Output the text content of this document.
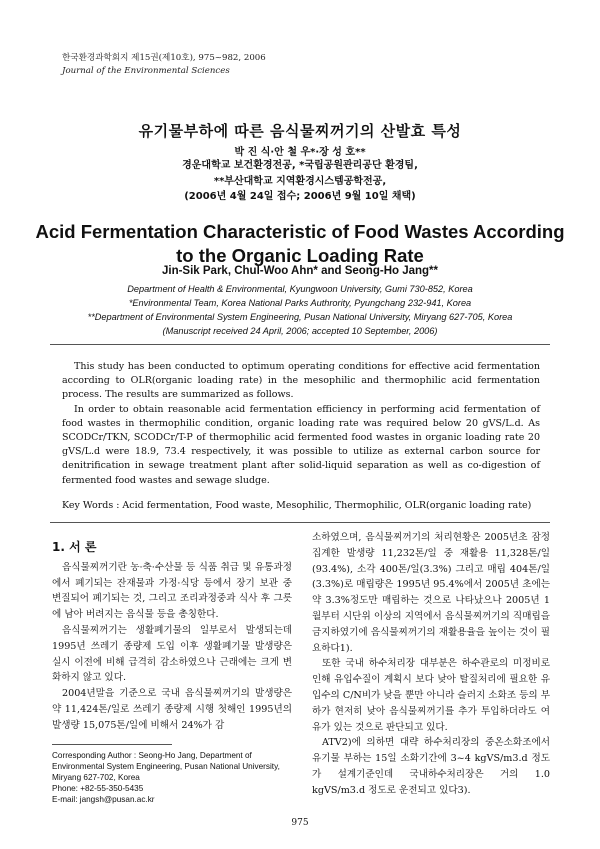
한국환경과학회지 제15권(제10호), 975~982, 2006
Journal of the Environmental Sciences
유기물부하에 따른 음식물찌꺼기의 산발효 특성
박 진 식·안 철 우*·장 성 호**
경운대학교 보건환경전공, *국립공원관리공단 환경팀,
**부산대학교 지역환경시스템공학전공,
(2006년 4월 24일 접수; 2006년 9월 10일 채택)
Acid Fermentation Characteristic of Food Wastes According
to the Organic Loading Rate
Jin-Sik Park, Chul-Woo Ahn* and Seong-Ho Jang**
Department of Health & Environmental, Kyungwoon University, Gumi 730-852, Korea
*Environmental Team, Korea National Parks Authrority, Pyungchang 232-941, Korea
**Department of Environmental System Engineering, Pusan National University, Miryang 627-705, Korea
(Manuscript received 24 April, 2006; accepted 10 September, 2006)

This study has been conducted to optimum operating conditions for effective acid fermentation according to OLR(organic loading rate) in the mesophilic and thermophilic acid fermentation process. The results are summarized as follows.

In order to obtain reasonable acid fermentation efficiency in performing acid fermentation of food wastes in thermophilic condition, organic loading rate was required below 20 gVS/L.d. As SCODCr/TKN, SCODCr/T-P of thermophilic acid fermented food wastes in organic loading rate 20 gVS/L.d were 18.9, 73.4 respectively, it was possible to utilize as external carbon source for denitrification in sewage treatment plant after solid-liquid separation as well as co-digestion of fermented food wastes and sewage sludge.

Key Words : Acid fermentation, Food waste, Mesophilic, Thermophilic, OLR(organic loading rate)
1. 서 론

음식물찌꺼기란 농·축·수산물 등 식품 취급 및 유통과정에서 폐기되는 잔재물과 가정·식당 등에서 장기 보관 중 변질되어 폐기되는 것, 그리고 조리과정중과 식사 후 그릇에 남아 버려지는 음식물 등을 총칭한다.

음식물찌꺼기는 생활폐기물의 일부로서 발생되는데 1995년 쓰레기 종량제 도입 이후 생활폐기물 발생량은 실시 이전에 비해 급격히 감소하였으나 근래에는 크게 변화하지 않고 있다.

2004년말을 기준으로 국내 음식물찌꺼기의 발생량은 약 11,424톤/일로 쓰레기 종량제 시행 첫해인 1995년의 발생량 15,075톤/일에 비해서 24%가 감

Corresponding Author : Seong-Ho Jang, Department of Environmental System Engineering, Pusan National University, Miryang 627-702, Korea
Phone: +82-55-350-5435
E-mail: jangsh@pusan.ac.kr

소하였으며, 음식물찌꺼기의 처리현황은 2005년초 잠정 집계한 발생량 11,232톤/일 중 재활용 11,328톤/일(93.4%), 소각 400톤/일(3.3%) 그리고 매립 404톤/일(3.3%)로 매립량은 1995년 95.4%에서 2005년 초에는 약 3.3%정도만 매립하는 것으로 나타났으나 2005년 1월부터 시단위 이상의 지역에서 음식물찌꺼기의 직매립을 금지하였기에 음식물찌꺼기의 재활용율을 높이는 것이 필요하다1).

또한 국내 하수처리장 대부분은 하수관로의 미정비로 인해 유입수질이 계획시 보다 낮아 탈질처리에 필요한 유입수의 C/N비가 낮을 뿐만 아니라 슬러지 소화조 등의 부하가 현저히 낮아 음식물찌꺼기를 추가 투입하더라도 여유가 있는 것으로 판단되고 있다.

ATV2)에 의하면 대략 하수처리장의 중온소화조에서 유기물 부하는 15일 소화기간에 3~4 kgVS/m3.d 정도가 설계기준인데 국내하수처리장은 거의 1.0 kgVS/m3.d 정도로 운전되고 있다3).

975
